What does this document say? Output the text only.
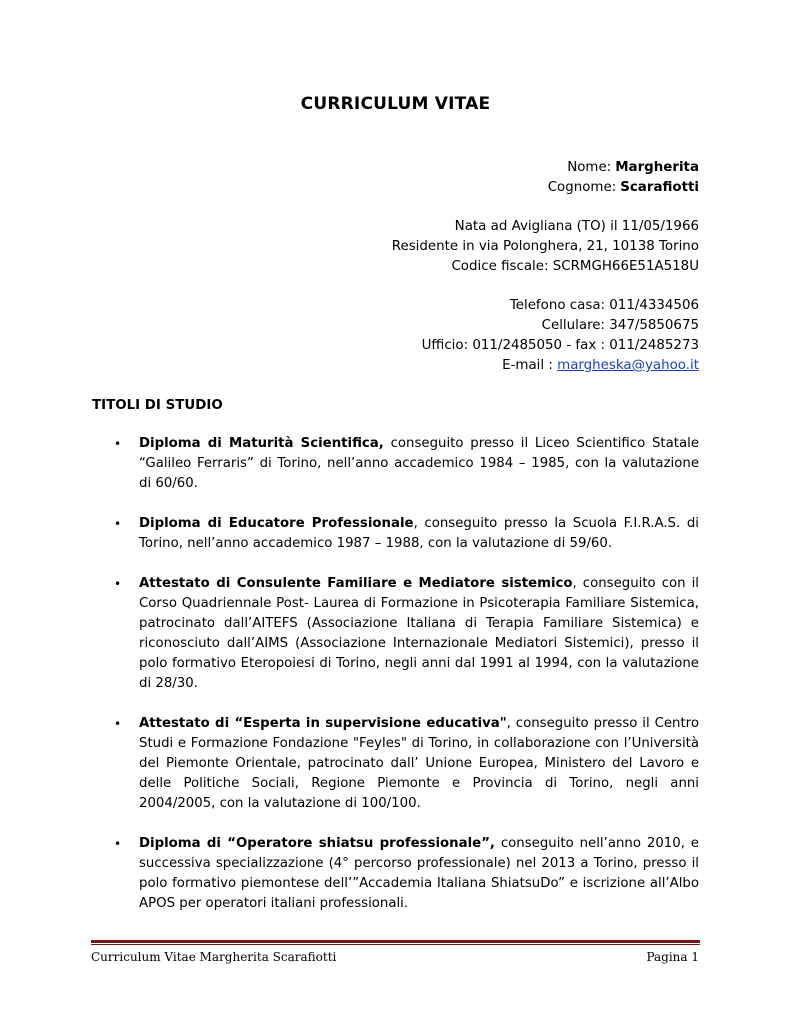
CURRICULUM VITAE
Nome: Margherita
Cognome: Scarafiotti
Nata ad Avigliana (TO) il 11/05/1966
Residente in via Polonghera, 21, 10138 Torino
Codice fiscale: SCRMGH66E51A518U
Telefono casa: 011/4334506
Cellulare: 347/5850675
Ufficio: 011/2485050 - fax : 011/2485273
E-mail : margheska@yahoo.it
TITOLI DI STUDIO
• Diploma di Maturità Scientifica, conseguito presso il Liceo Scientifico Statale “Galileo Ferraris” di Torino, nell’anno accademico 1984 – 1985, con la valutazione di 60/60.
• Diploma di Educatore Professionale, conseguito presso la Scuola F.I.R.A.S. di Torino, nell’anno accademico 1987 – 1988, con la valutazione di 59/60.
• Attestato di Consulente Familiare e Mediatore sistemico, conseguito con il Corso Quadriennale Post- Laurea di Formazione in Psicoterapia Familiare Sistemica, patrocinato dall’AITEFS (Associazione Italiana di Terapia Familiare Sistemica) e riconosciuto dall’AIMS (Associazione Internazionale Mediatori Sistemici), presso il polo formativo Eteropoiesi di Torino, negli anni dal 1991 al 1994, con la valutazione di 28/30.
• Attestato di “Esperta in supervisione educativa", conseguito presso il Centro Studi e Formazione Fondazione "Feyles" di Torino, in collaborazione con l’Università del Piemonte Orientale, patrocinato dall’ Unione Europea, Ministero del Lavoro e delle Politiche Sociali, Regione Piemonte e Provincia di Torino, negli anni 2004/2005, con la valutazione di 100/100.
• Diploma di “Operatore shiatsu professionale”, conseguito nell’anno 2010, e successiva specializzazione (4° percorso professionale) nel 2013 a Torino, presso il polo formativo piemontese dell’”Accademia Italiana ShiatsuDo” e iscrizione all’Albo APOS per operatori italiani professionali.
Curriculum Vitae Margherita Scarafiotti	Pagina 1
